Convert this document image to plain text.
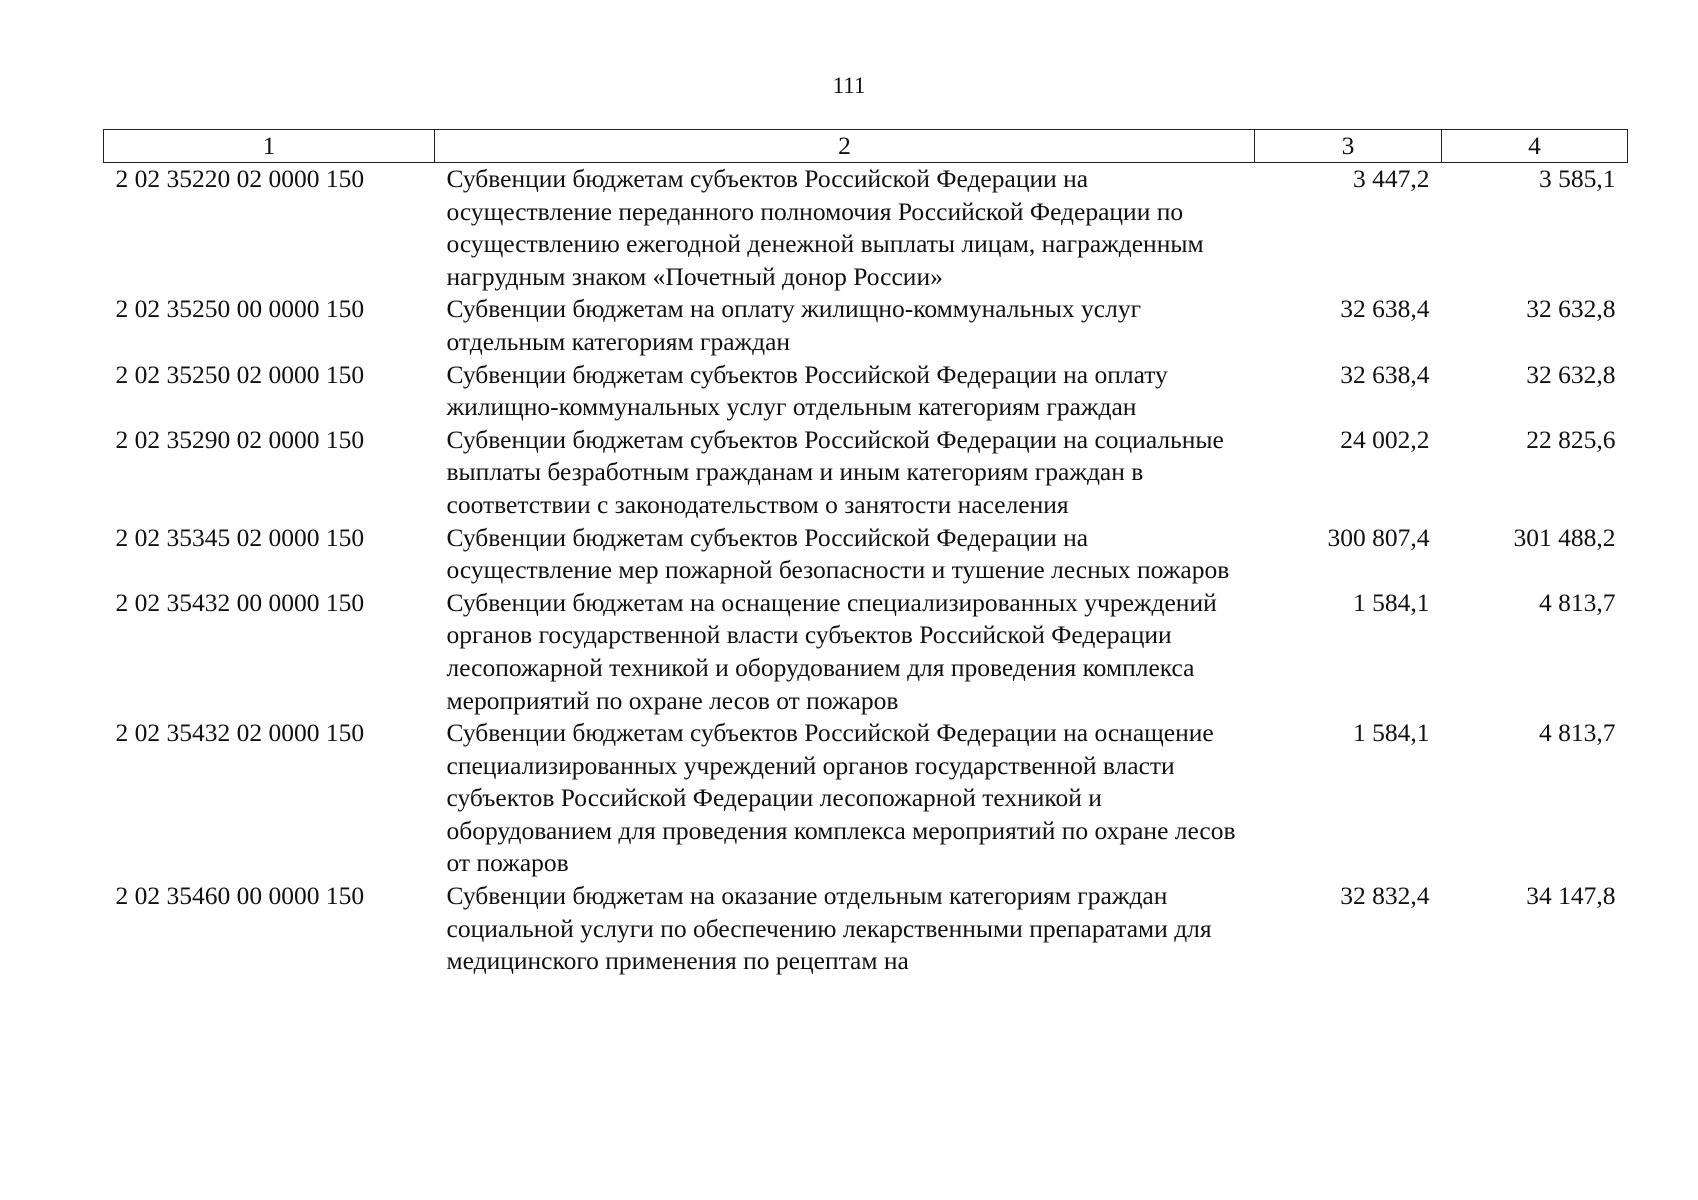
111
1	2	3	4
2 02 35220 02 0000 150	Субвенции бюджетам субъектов Российской Федерации на осуществление переданного полномочия Российской Федерации по осуществлению ежегодной денежной выплаты лицам, награжденным нагрудным знаком «Почетный донор России»	3 447,2	3 585,1
2 02 35250 00 0000 150	Субвенции бюджетам на оплату жилищно-коммунальных услуг отдельным категориям граждан	32 638,4	32 632,8
2 02 35250 02 0000 150	Субвенции бюджетам субъектов Российской Федерации на оплату жилищно-коммунальных услуг отдельным категориям граждан	32 638,4	32 632,8
2 02 35290 02 0000 150	Субвенции бюджетам субъектов Российской Федерации на социальные выплаты безработным гражданам и иным категориям граждан в соответствии с законодательством о занятости населения	24 002,2	22 825,6
2 02 35345 02 0000 150	Субвенции бюджетам субъектов Российской Федерации на осуществление мер пожарной безопасности и тушение лесных пожаров	300 807,4	301 488,2
2 02 35432 00 0000 150	Субвенции бюджетам на оснащение специализированных учреждений органов государственной власти субъектов Российской Федерации лесопожарной техникой и оборудованием для проведения комплекса мероприятий по охране лесов от пожаров	1 584,1	4 813,7
2 02 35432 02 0000 150	Субвенции бюджетам субъектов Российской Федерации на оснащение специализированных учреждений органов государственной власти субъектов Российской Федерации лесопожарной техникой и оборудованием для проведения комплекса мероприятий по охране лесов от пожаров	1 584,1	4 813,7
2 02 35460 00 0000 150	Субвенции бюджетам на оказание отдельным категориям граждан социальной услуги по обеспечению лекарственными препаратами для медицинского применения по рецептам на	32 832,4	34 147,8
